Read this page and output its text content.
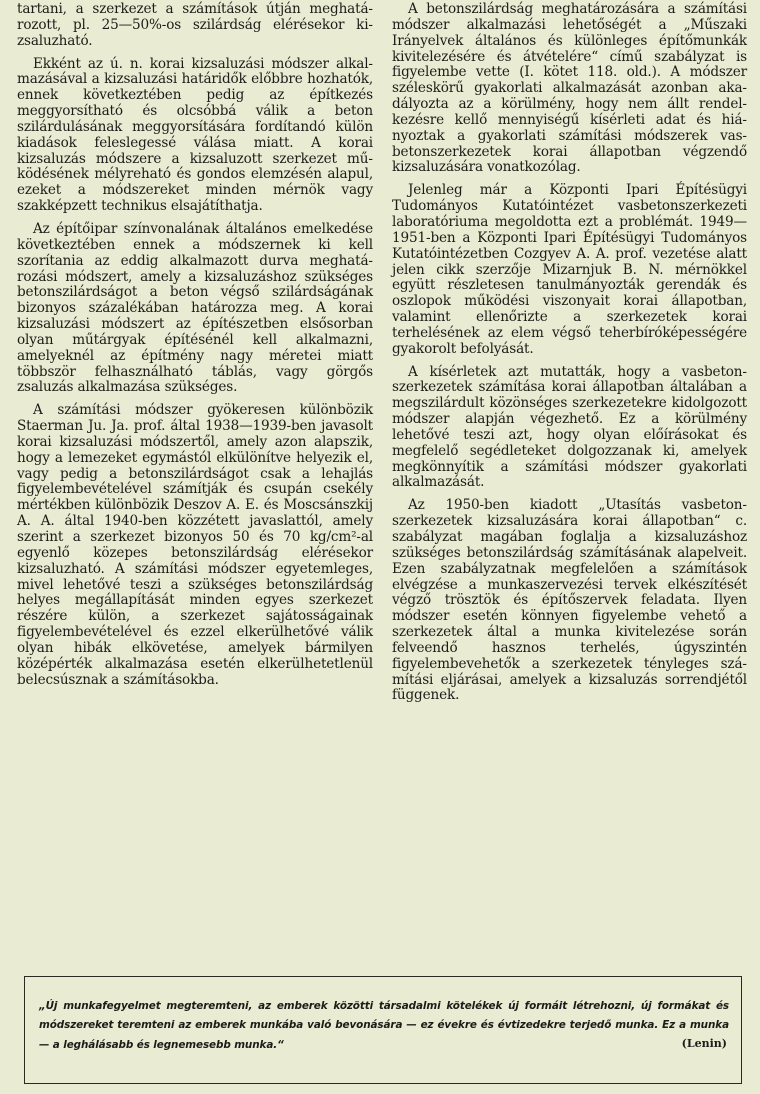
tartani, a szerkezet a számítások útján meghatározott, pl. 25—50%-os szilárdság elérésekor kizsaluzható.

Ekként az ú. n. korai kizsaluzási módszer alkalmazásával a kizsaluzási határidők előbbre hozhatók, ennek következtében pedig az építkezés meggyorsítható és olcsóbbá válik a beton szilárdulásának meggyorsítására fordítandó külön kiadások feleslegessé válása miatt. A korai kizsaluzás módszere a kizsaluzott szerkezet működésének mélyreható és gondos elemzésén alapul, ezeket a módszereket minden mérnök vagy szakképzett technikus elsajátíthatja.

Az építőipar színvonalának általános emelkedése következtében ennek a módszernek ki kell szorítania az eddig alkalmazott durva meghatározási módszert, amely a kizsaluzáshoz szükséges betonszilárdságot a beton végső szilárdságának bizonyos százalékában határozza meg. A korai kizsaluzási módszert az építészetben elsősorban olyan műtárgyak építésénél kell alkalmazni, amelyeknél az építmény nagy méretei miatt többször felhasználható táblás, vagy görgős zsaluzás alkalmazása szükséges.

A számítási módszer gyökeresen különbözik Staerman Ju. Ja. prof. által 1938—1939-ben javasolt korai kizsaluzási módszertől, amely azon alapszik, hogy a lemezeket egymástól elkülönítve helyezik el, vagy pedig a betonszilárdságot csak a lehajlás figyelembevételével számítják és csupán csekély mértékben különbözik Deszov A. E. és Moscsánszkij A. A. által 1940-ben közzétett javaslattól, amely szerint a szerkezet bizonyos 50 és 70 kg/cm²-al egyenlő közepes betonszilárdság elérésekor kizsaluzható. A számítási módszer egyetemleges, mivel lehetővé teszi a szükséges betonszilárdság helyes megállapítását minden egyes szerkezet részére külön, a szerkezet sajátosságainak figyelembevételével és ezzel elkerülhetővé válik olyan hibák elkövetése, amelyek bármilyen középérték alkalmazása esetén elkerülhetetlenül belecsúsznak a számításokba.

A betonszilárdság meghatározására a számítási módszer alkalmazási lehetőségét a „Műszaki Irányelvek általános és különleges építőmunkák kivitelezésére és átvételére“ című szabályzat is figyelembe vette (I. kötet 118. old.). A módszer széleskörű gyakorlati alkalmazását azonban akadályozta az a körülmény, hogy nem állt rendelkezésre kellő mennyiségű kísérleti adat és hiányoztak a gyakorlati számítási módszerek vasbetonszerkezetek korai állapotban végzendő kizsaluzására vonatkozólag.

Jelenleg már a Központi Ipari Építésügyi Tudományos Kutatóintézet vasbetonszerkezeti laboratóriuma megoldotta ezt a problémát. 1949—1951-ben a Központi Ipari Építésügyi Tudományos Kutatóintézetben Cozgyev A. A. prof. vezetése alatt jelen cikk szerzője Mizarnjuk B. N. mérnökkel együtt részletesen tanulmányozták gerendák és oszlopok működési viszonyait korai állapotban, valamint ellenőrizte a szerkezetek korai terhelésének az elem végső teherbíróképességére gyakorolt befolyását.

A kísérletek azt mutatták, hogy a vasbetonszerkezetek számítása korai állapotban általában a megszilárdult közönséges szerkezetekre kidolgozott módszer alapján végezhető. Ez a körülmény lehetővé teszi azt, hogy olyan előírásokat és megfelelő segédleteket dolgozzanak ki, amelyek megkönnyítik a számítási módszer gyakorlati alkalmazását.

Az 1950-ben kiadott „Utasítás vasbetonszerkezetek kizsaluzására korai állapotban“ c. szabályzat magában foglalja a kizsaluzáshoz szükséges betonszilárdság számításának alapelveit. Ezen szabályzatnak megfelelően a számítások elvégzése a munkaszervezési tervek elkészítését végző trösztök és építőszervek feladata. Ilyen módszer esetén könnyen figyelembe vehető a szerkezetek által a munka kivitelezése során felveendő hasznos terhelés, úgyszintén figyelembevehetők a szerkezetek tényleges számítási eljárásai, amelyek a kizsaluzás sorrendjétől függenek.

„Új munkafegyelmet megteremteni, az emberek közötti társadalmi kötelékek új formáit létrehozni, új formákat és módszereket teremteni az emberek munkába való bevonására — ez évekre és évtizedekre terjedő munka. Ez a munka — a leghálásabb és legnemesebb munka.“	(Lenin)
